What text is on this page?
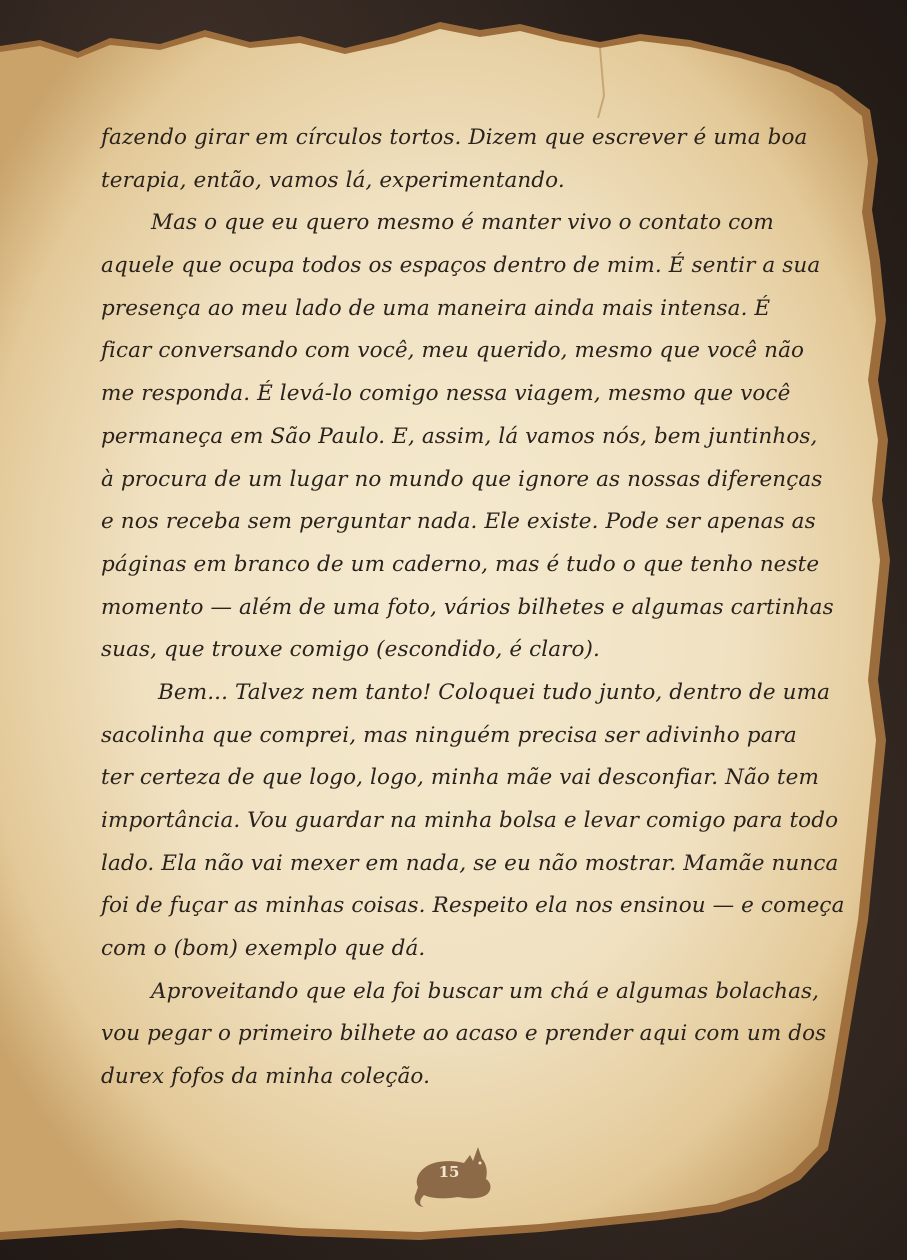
fazendo girar em círculos tortos. Dizem que escrever é uma boa
terapia, então, vamos lá, experimentando.
Mas o que eu quero mesmo é manter vivo o contato com
aquele que ocupa todos os espaços dentro de mim. É sentir a sua
presença ao meu lado de uma maneira ainda mais intensa. É
ficar conversando com você, meu querido, mesmo que você não
me responda. É levá-lo comigo nessa viagem, mesmo que você
permaneça em São Paulo. E, assim, lá vamos nós, bem juntinhos,
à procura de um lugar no mundo que ignore as nossas diferenças
e nos receba sem perguntar nada. Ele existe. Pode ser apenas as
páginas em branco de um caderno, mas é tudo o que tenho neste
momento — além de uma foto, vários bilhetes e algumas cartinhas
suas, que trouxe comigo (escondido, é claro).
Bem... Talvez nem tanto! Coloquei tudo junto, dentro de uma
sacolinha que comprei, mas ninguém precisa ser adivinho para
ter certeza de que logo, logo, minha mãe vai desconfiar. Não tem
importância. Vou guardar na minha bolsa e levar comigo para todo
lado. Ela não vai mexer em nada, se eu não mostrar. Mamãe nunca
foi de fuçar as minhas coisas. Respeito ela nos ensinou — e começa
com o (bom) exemplo que dá.
Aproveitando que ela foi buscar um chá e algumas bolachas,
vou pegar o primeiro bilhete ao acaso e prender aqui com um dos
durex fofos da minha coleção.
15
